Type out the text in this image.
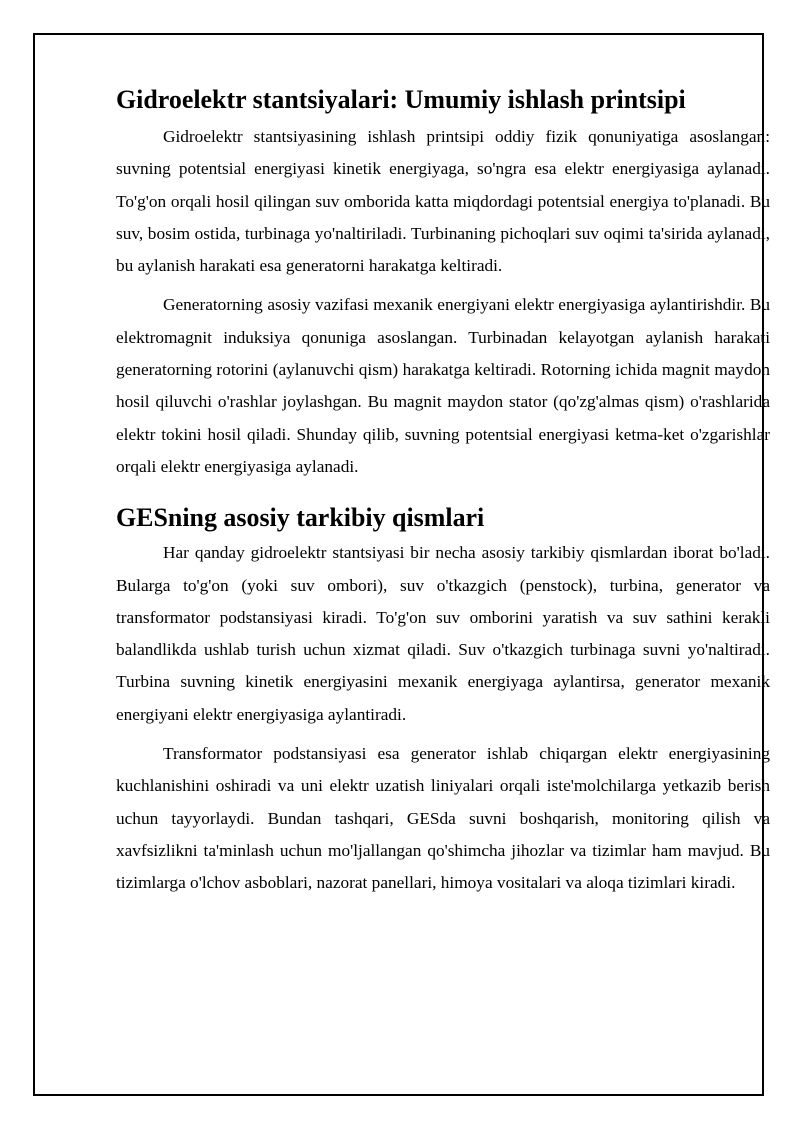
Gidroelektr stantsiyalari: Umumiy ishlash printsipi

Gidroelektr stantsiyasining ishlash printsipi oddiy fizik qonuniyatiga asoslangan: suvning potentsial energiyasi kinetik energiyaga, so'ngra esa elektr energiyasiga aylanadi. To'g'on orqali hosil qilingan suv omborida katta miqdordagi potentsial energiya to'planadi. Bu suv, bosim ostida, turbinaga yo'naltiriladi. Turbinaning pichoqlari suv oqimi ta'sirida aylanadi, bu aylanish harakati esa generatorni harakatga keltiradi.

Generatorning asosiy vazifasi mexanik energiyani elektr energiyasiga aylantirishdir. Bu elektromagnit induksiya qonuniga asoslangan. Turbinadan kelayotgan aylanish harakati generatorning rotorini (aylanuvchi qism) harakatga keltiradi. Rotorning ichida magnit maydon hosil qiluvchi o'rashlar joylashgan. Bu magnit maydon stator (qo'zg'almas qism) o'rashlarida elektr tokini hosil qiladi. Shunday qilib, suvning potentsial energiyasi ketma-ket o'zgarishlar orqali elektr energiyasiga aylanadi.

GESning asosiy tarkibiy qismlari

Har qanday gidroelektr stantsiyasi bir necha asosiy tarkibiy qismlardan iborat bo'ladi. Bularga to'g'on (yoki suv ombori), suv o'tkazgich (penstock), turbina, generator va transformator podstansiyasi kiradi. To'g'on suv omborini yaratish va suv sathini kerakli balandlikda ushlab turish uchun xizmat qiladi. Suv o'tkazgich turbinaga suvni yo'naltiradi. Turbina suvning kinetik energiyasini mexanik energiyaga aylantirsa, generator mexanik energiyani elektr energiyasiga aylantiradi.

Transformator podstansiyasi esa generator ishlab chiqargan elektr energiyasining kuchlanishini oshiradi va uni elektr uzatish liniyalari orqali iste'molchilarga yetkazib berish uchun tayyorlaydi. Bundan tashqari, GESda suvni boshqarish, monitoring qilish va xavfsizlikni ta'minlash uchun mo'ljallangan qo'shimcha jihozlar va tizimlar ham mavjud. Bu tizimlarga o'lchov asboblari, nazorat panellari, himoya vositalari va aloqa tizimlari kiradi.
